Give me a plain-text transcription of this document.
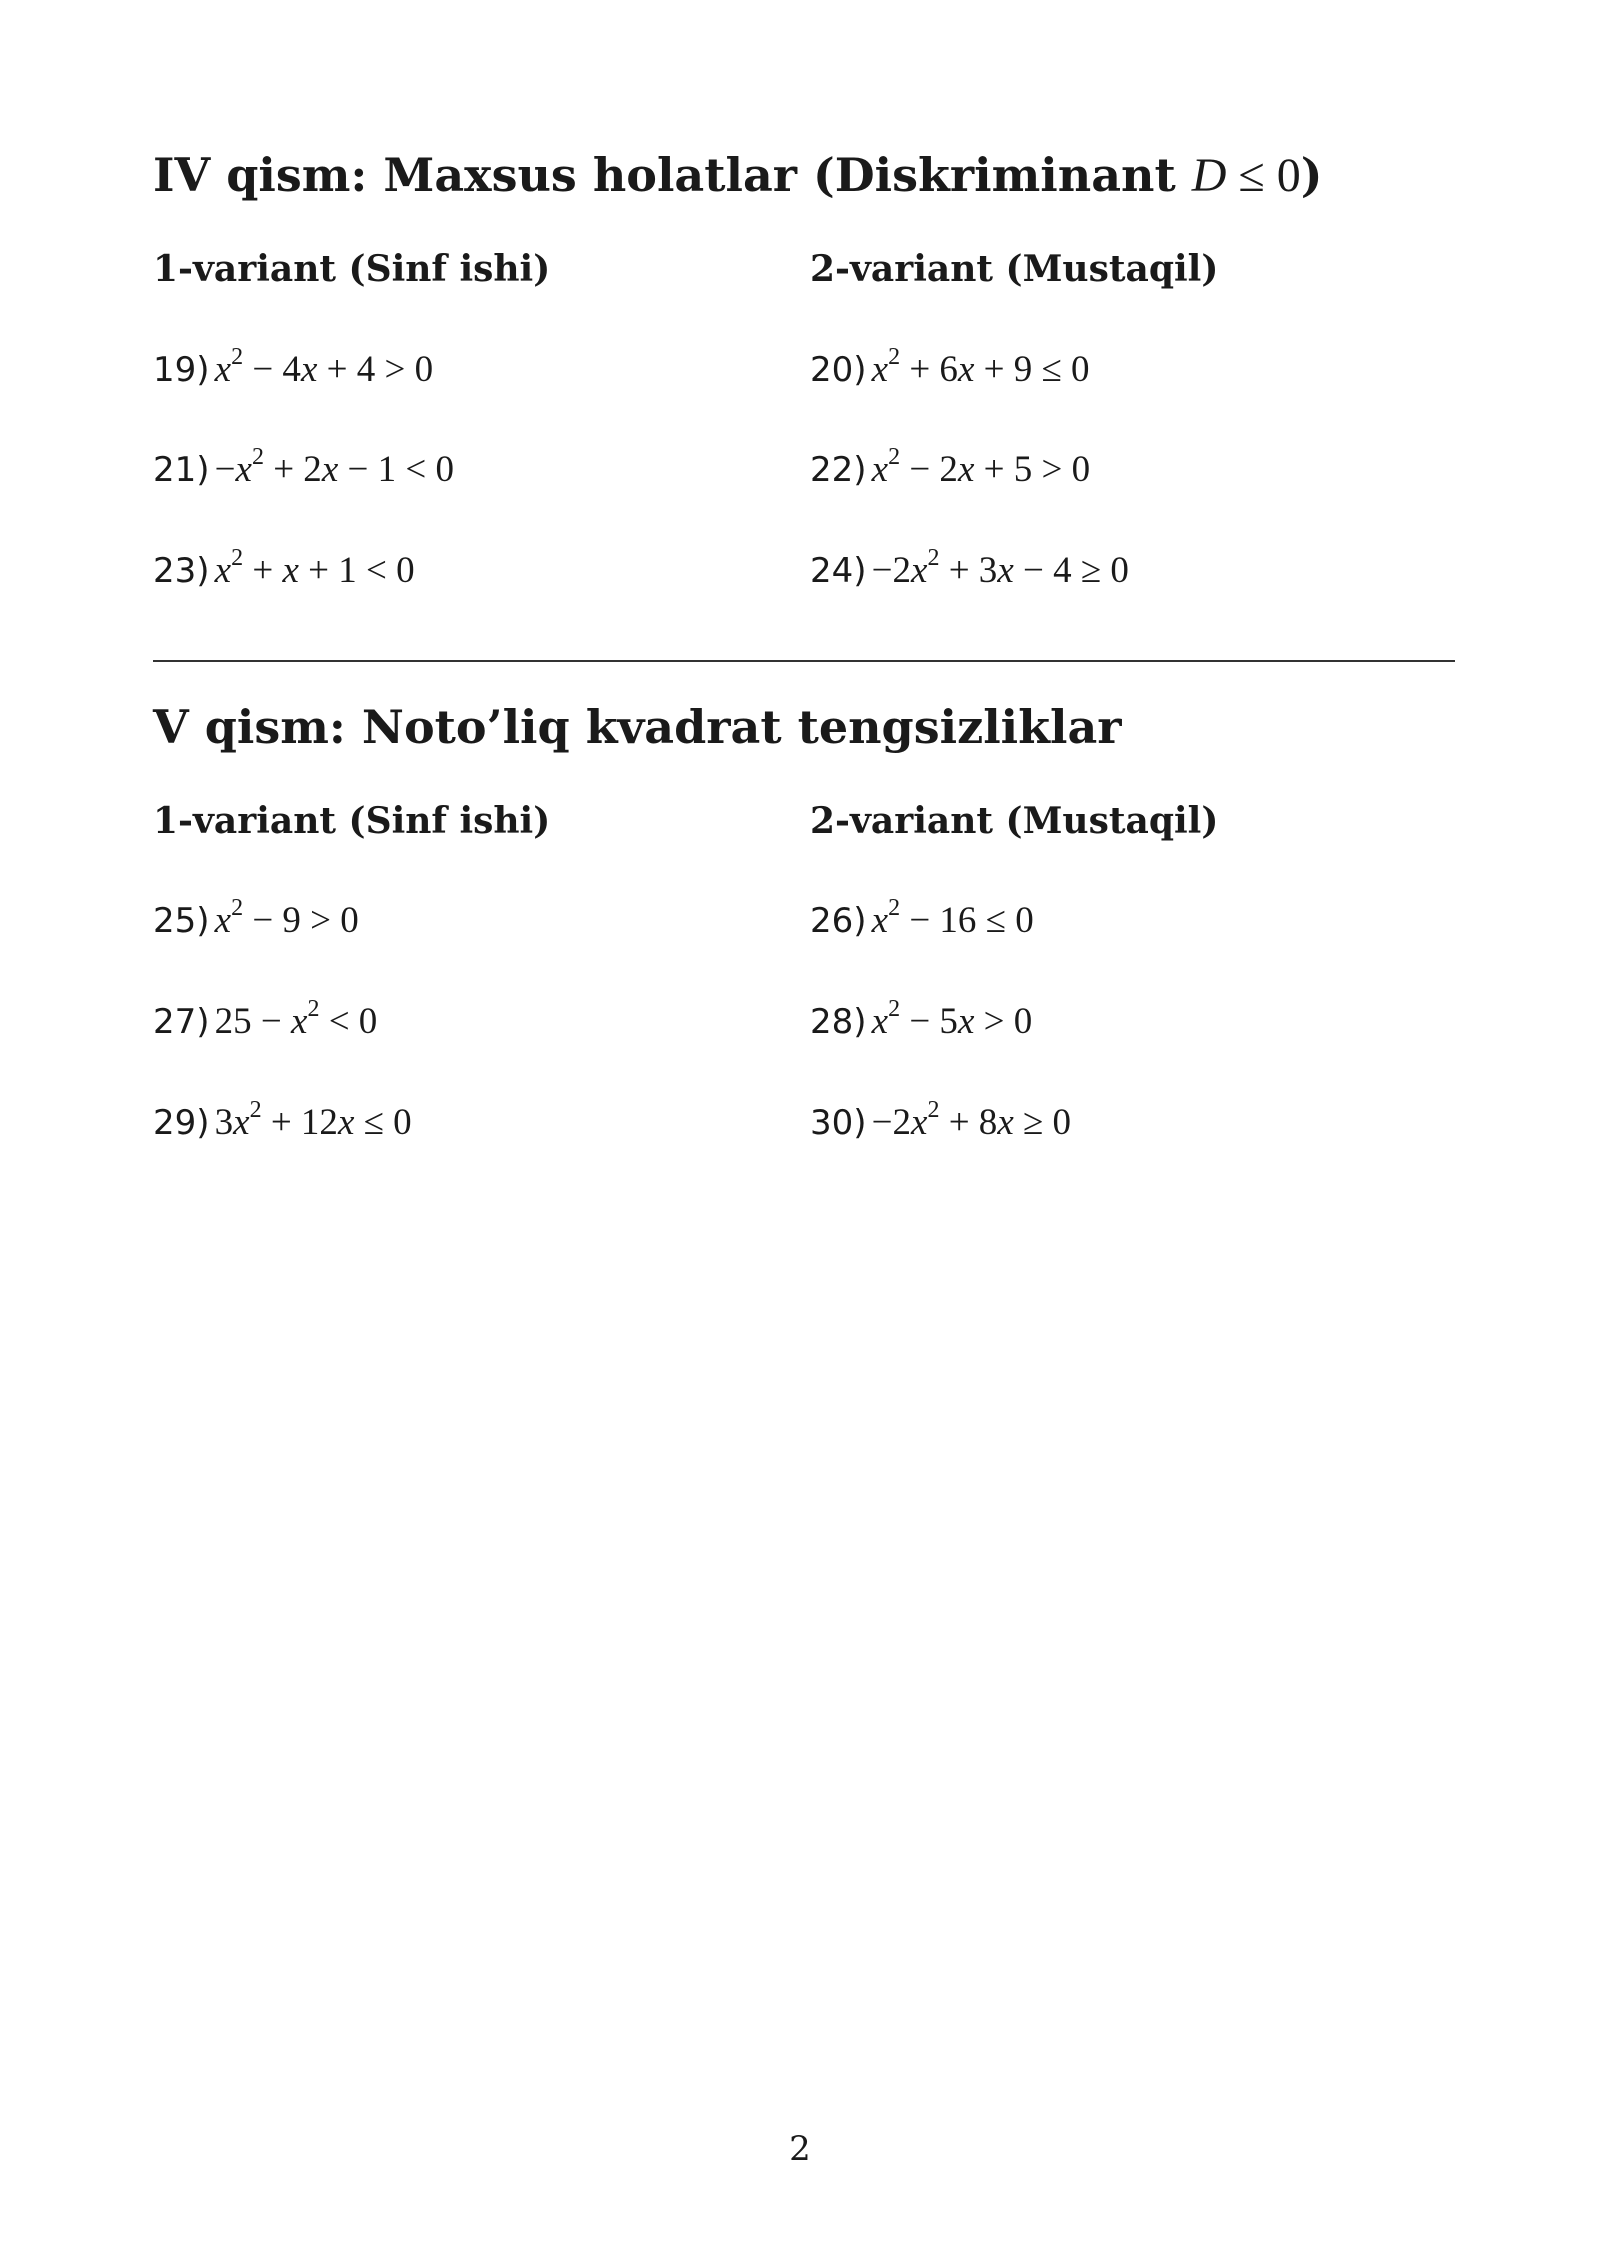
IV qism: Maxsus holatlar (Diskriminant D ≤ 0)
1-variant (Sinf ishi)	2-variant (Mustaqil)
19) $x^2 - 4x + 4 > 0$	20) $x^2 + 6x + 9 \le 0$
$21) -x^2 + 2x - 1 < 0$	22) $x^2 - 2x + 5 > 0$
23) $x^2 + x + 1 < 0$	$24) -2x^2 + 3x - 4 \ge 0$
V qism: Noto’liq kvadrat tengsizliklar
1-variant (Sinf ishi)	2-variant (Mustaqil)
25) $x^2 - 9 > 0$	26) $x^2 - 16 \le 0$
27) $25 - x^2 < 0$	28) $x^2 - 5x > 0$
29) $3x^2 + 12x \le 0$	$30) -2x^2 + 8x \ge 0$
2
